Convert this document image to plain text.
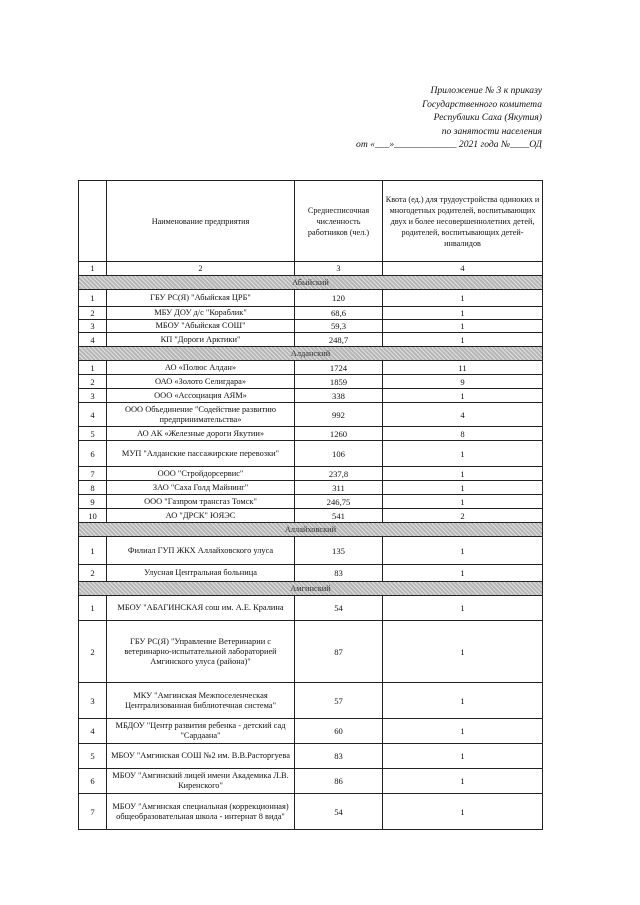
Приложение № 3 к приказу
Государственного комитета
Республики Саха (Якутия)
по занятости населения
от «___»_____________ 2021 года №____ОД
	Наименование предприятия	Среднесписочная численность работников (чел.)	Квота (ед.) для трудоустройства одиноких и многодетных родителей, воспитывающих двух и более несовершеннолетних детей, родителей, воспитывающих детей-инвалидов
1	2	3	4
Абыйский			
1	ГБУ РС(Я) "Абыйская ЦРБ"	120	1
2	МБУ ДОУ д/с "Кораблик"	68,6	1
3	МБОУ "Абыйская СОШ"	59,3	1
4	КП "Дороги Арктики"	248,7	1
Алданский			
1	АО «Полюс Алдан»	1724	11
2	ОАО «Золото Селигдара»	1859	9
3	ООО «Ассоциация АЯМ»	338	1
4	ООО Объединение "Содействие развитию предпринимательства»	992	4
5	АО АК «Железные дороги Якутии»	1260	8
6	МУП "Алданские пассажирские перевозки"	106	1
7	ООО "Стройдорсервис"	237,8	1
8	ЗАО "Саха Голд Майнинг"	311	1
9	ООО "Газпром трансгаз Томск"	246,75	1
10	АО "ДРСК" ЮЯЭС	541	2
Аллайховский			
1	Филиал ГУП ЖКХ Аллайховского улуса	135	1
2	Улусная Центральная больница	83	1
Амгинский			
1	МБОУ "АБАГИНСКАЯ сош им. А.Е. Кралина	54	1
2	ГБУ РС(Я) "Управление Ветеринарии с ветеринарно-испытательной лабораторией Амгинского улуса (района)"	87	1
3	МКУ "Амгинская Межпоселенческая Централизованная библиотечная система"	57	1
4	МБДОУ "Центр развития ребенка - детский сад "Сардаана"	60	1
5	МБОУ "Амгинская СОШ №2 им. В.В.Расторгуева	83	1
6	МБОУ "Амгинский лицей имени Академика Л.В. Киренского"	86	1
7	МБОУ "Амгинская специальная (коррекционная) общеобразовательная школа - интернат 8 вида"	54	1
